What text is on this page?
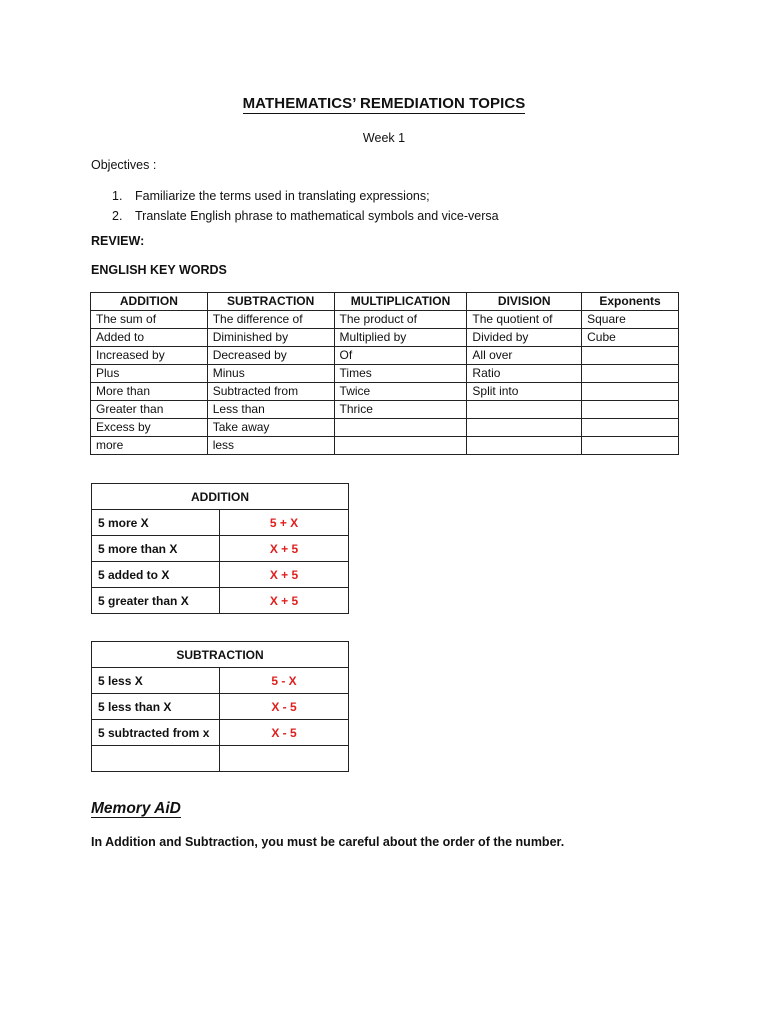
MATHEMATICS’ REMEDIATION TOPICS
Week 1
Objectives :
1.	Familiarize the terms used in translating expressions;
2.	Translate English phrase to mathematical symbols and vice-versa
REVIEW:
ENGLISH KEY WORDS
ADDITION	SUBTRACTION	MULTIPLICATION	DIVISION	Exponents
The sum of	The difference of	The product of	The quotient of	Square
Added to	Diminished by	Multiplied by	Divided by	Cube
Increased by	Decreased by	Of	All over	
Plus	Minus	Times	Ratio	
More than	Subtracted from	Twice	Split into	
Greater than	Less than	Thrice		
Excess by	Take away			
more	less			
ADDITION	
5 more X	5 + X
5 more than X	X + 5
5 added to X	X + 5
5 greater than X	X + 5
SUBTRACTION	
5 less X	5 - X
5 less than X	X - 5
5 subtracted from x	X - 5

Memory AiD
In Addition and Subtraction, you must be careful about the order of the number.
